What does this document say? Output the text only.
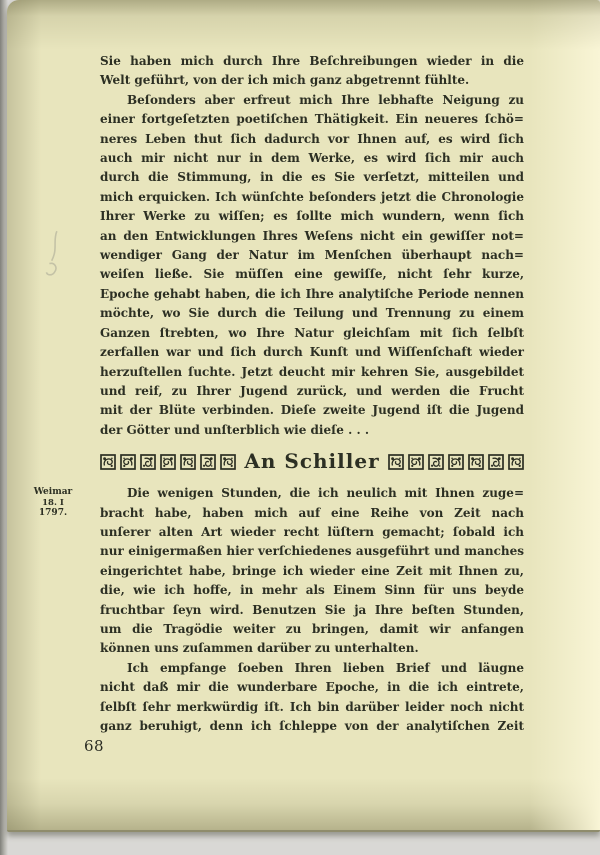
Weimar
18. I
1797.
Sie haben mich durch Ihre Beſchreibungen wieder in die
Welt geführt, von der ich mich ganz abgetrennt fühlte.
Beſonders aber erfreut mich Ihre lebhafte Neigung zu
einer fortgeſetzten poetiſchen Thätigkeit. Ein neueres ſchö=
neres Leben thut ſich dadurch vor Ihnen auf, es wird ſich
auch mir nicht nur in dem Werke, es wird ſich mir auch
durch die Stimmung, in die es Sie verſetzt, mitteilen und
mich erquicken. Ich wünſchte beſonders jetzt die Chronologie
Ihrer Werke zu wiſſen; es ſollte mich wundern, wenn ſich
an den Entwicklungen Ihres Weſens nicht ein gewiſſer not=
wendiger Gang der Natur im Menſchen überhaupt nach=
weiſen ließe. Sie müſſen eine gewiſſe, nicht ſehr kurze,
Epoche gehabt haben, die ich Ihre analytiſche Periode nennen
möchte, wo Sie durch die Teilung und Trennung zu einem
Ganzen ſtrebten, wo Ihre Natur gleichſam mit ſich ſelbſt
zerfallen war und ſich durch Kunſt und Wiſſenſchaft wieder
herzuſtellen ſuchte. Jetzt deucht mir kehren Sie, ausgebildet
und reif, zu Ihrer Jugend zurück, und werden die Frucht
mit der Blüte verbinden. Dieſe zweite Jugend iſt die Jugend
der Götter und unſterblich wie dieſe . . .
An Schiller
Die wenigen Stunden, die ich neulich mit Ihnen zuge=
bracht habe, haben mich auf eine Reihe von Zeit nach
unſerer alten Art wieder recht lüſtern gemacht; ſobald ich
nur einigermaßen hier verſchiedenes ausgeführt und manches
eingerichtet habe, bringe ich wieder eine Zeit mit Ihnen zu,
die, wie ich hoffe, in mehr als Einem Sinn für uns beyde
fruchtbar ſeyn wird. Benutzen Sie ja Ihre beſten Stunden,
um die Tragödie weiter zu bringen, damit wir anfangen
können uns zuſammen darüber zu unterhalten.
Ich empfange ſoeben Ihren lieben Brief und läugne
nicht daß mir die wunderbare Epoche, in die ich eintrete,
ſelbſt ſehr merkwürdig iſt. Ich bin darüber leider noch nicht
ganz beruhigt, denn ich ſchleppe von der analytiſchen Zeit
68
